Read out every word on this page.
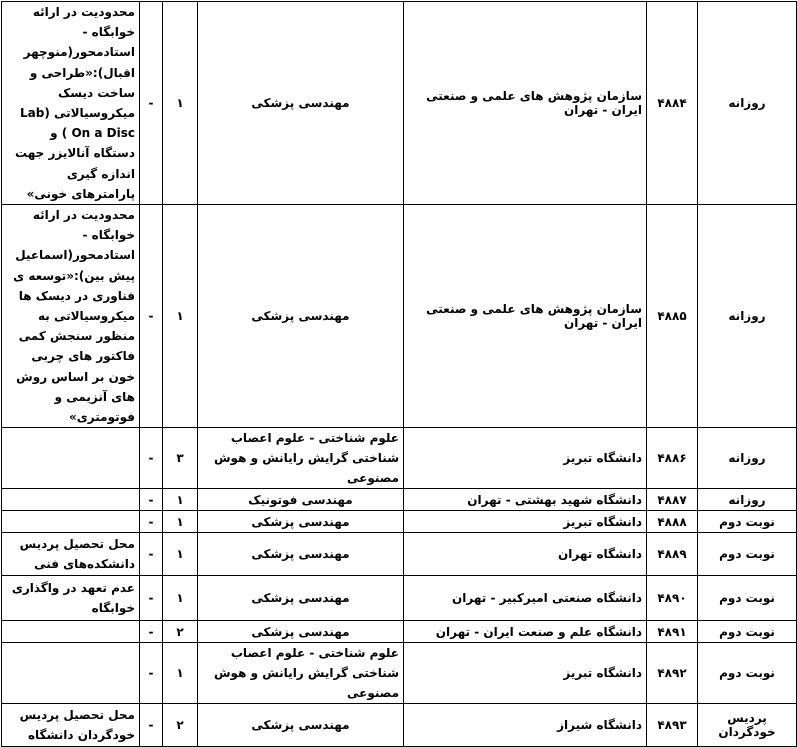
روزانه	۴۸۸۴	سازمان پژوهش های علمی و صنعتی ایران - تهران	مهندسی پزشکی	۱	-	محدودیت در ارائه خوابگاه - استادمحور(منوچهر اقبال):«طراحی و ساخت دیسک میکروسیالاتی (Lab On a Disc ) و دستگاه آنالایزر جهت اندازه گیری پارامترهای خونی»
روزانه	۴۸۸۵	سازمان پژوهش های علمی و صنعتی ایران - تهران	مهندسی پزشکی	۱	-	محدودیت در ارائه خوابگاه - استادمحور(اسماعیل پیش بین):«توسعه ی فناوری در دیسک ها میکروسیالاتی به منظور سنجش کمی فاکتور های چربی خون بر اساس روش های آنزیمی و فوتومتری»
روزانه	۴۸۸۶	دانشگاه تبریز	علوم شناختی - علوم اعصاب شناختی گرایش رایانش و هوش مصنوعی	۳	-	
روزانه	۴۸۸۷	دانشگاه شهید بهشتی - تهران	مهندسی فوتونیک	۱	-	
نوبت دوم	۴۸۸۸	دانشگاه تبریز	مهندسی پزشکی	۱	-	
نوبت دوم	۴۸۸۹	دانشگاه تهران	مهندسی پزشکی	۱	-	محل تحصیل پردیس دانشکده‌های فنی
نوبت دوم	۴۸۹۰	دانشگاه صنعتی امیرکبیر - تهران	مهندسی پزشکی	۱	-	عدم تعهد در واگذاری خوابگاه
نوبت دوم	۴۸۹۱	دانشگاه علم و صنعت ایران - تهران	مهندسی پزشکی	۲	-	
نوبت دوم	۴۸۹۲	دانشگاه تبریز	علوم شناختی - علوم اعصاب شناختی گرایش رایانش و هوش مصنوعی	۱	-	
پردیس خودگردان	۴۸۹۳	دانشگاه شیراز	مهندسی پزشکی	۲	-	محل تحصیل پردیس خودگردان دانشگاه
